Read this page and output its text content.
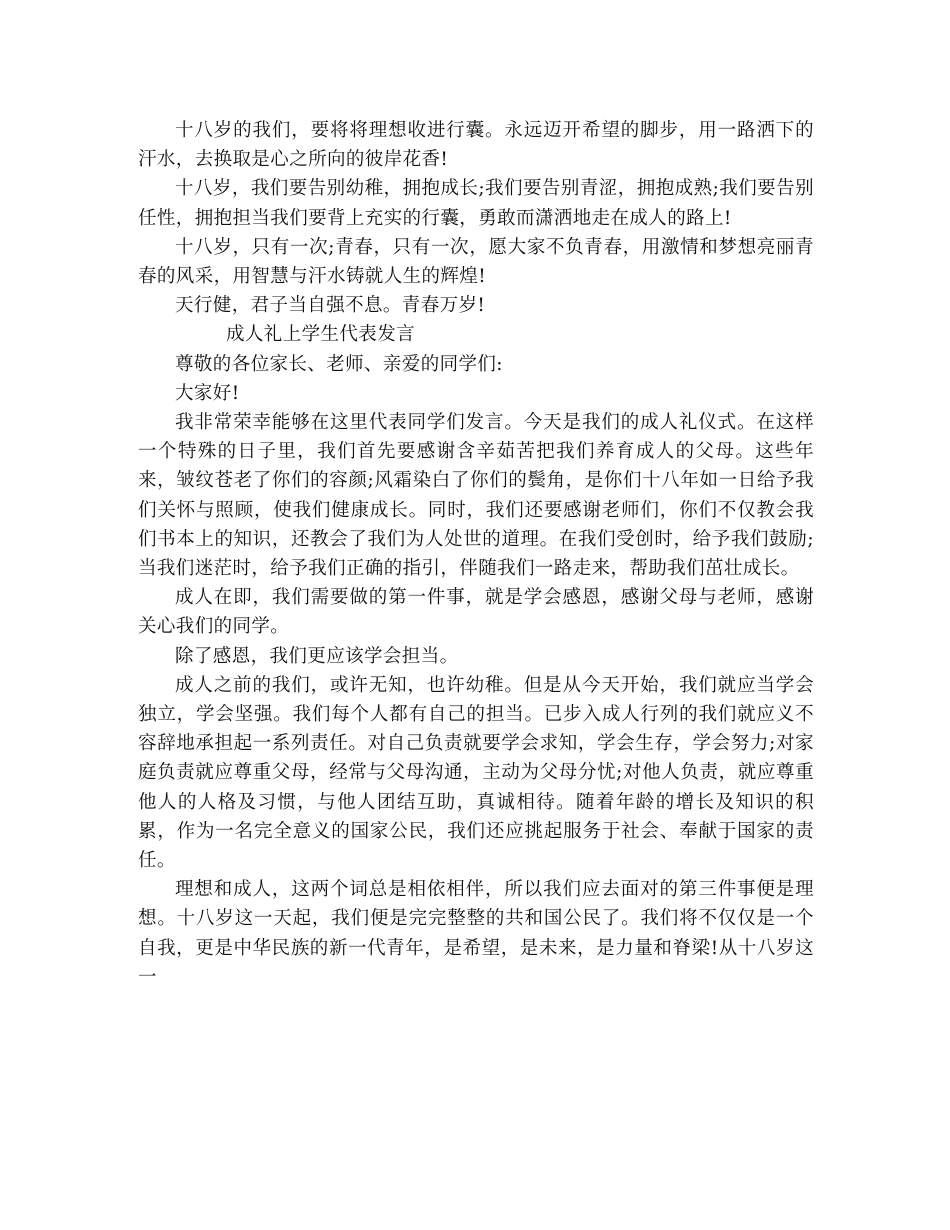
十八岁的我们，要将将理想收进行囊。永远迈开希望的脚步，用一路洒下的汗水，去换取是心之所向的彼岸花香!

十八岁，我们要告别幼稚，拥抱成长;我们要告别青涩，拥抱成熟;我们要告别任性，拥抱担当我们要背上充实的行囊，勇敢而潇洒地走在成人的路上!

十八岁，只有一次;青春，只有一次，愿大家不负青春，用激情和梦想亮丽青春的风采，用智慧与汗水铸就人生的辉煌!

天行健，君子当自强不息。青春万岁!

成人礼上学生代表发言

尊敬的各位家长、老师、亲爱的同学们:

大家好!

我非常荣幸能够在这里代表同学们发言。今天是我们的成人礼仪式。在这样一个特殊的日子里，我们首先要感谢含辛茹苦把我们养育成人的父母。这些年来，皱纹苍老了你们的容颜;风霜染白了你们的鬓角，是你们十八年如一日给予我们关怀与照顾，使我们健康成长。同时，我们还要感谢老师们，你们不仅教会我们书本上的知识，还教会了我们为人处世的道理。在我们受创时，给予我们鼓励;当我们迷茫时，给予我们正确的指引，伴随我们一路走来，帮助我们茁壮成长。

成人在即，我们需要做的第一件事，就是学会感恩，感谢父母与老师，感谢关心我们的同学。

除了感恩，我们更应该学会担当。

成人之前的我们，或许无知，也许幼稚。但是从今天开始，我们就应当学会独立，学会坚强。我们每个人都有自己的担当。已步入成人行列的我们就应义不容辞地承担起一系列责任。对自己负责就要学会求知，学会生存，学会努力;对家庭负责就应尊重父母，经常与父母沟通，主动为父母分忧;对他人负责，就应尊重他人的人格及习惯，与他人团结互助，真诚相待。随着年龄的增长及知识的积累，作为一名完全意义的国家公民，我们还应挑起服务于社会、奉献于国家的责任。

理想和成人，这两个词总是相依相伴，所以我们应去面对的第三件事便是理想。十八岁这一天起，我们便是完完整整的共和国公民了。我们将不仅仅是一个自我，更是中华民族的新一代青年，是希望，是未来，是力量和脊梁!从十八岁这一
